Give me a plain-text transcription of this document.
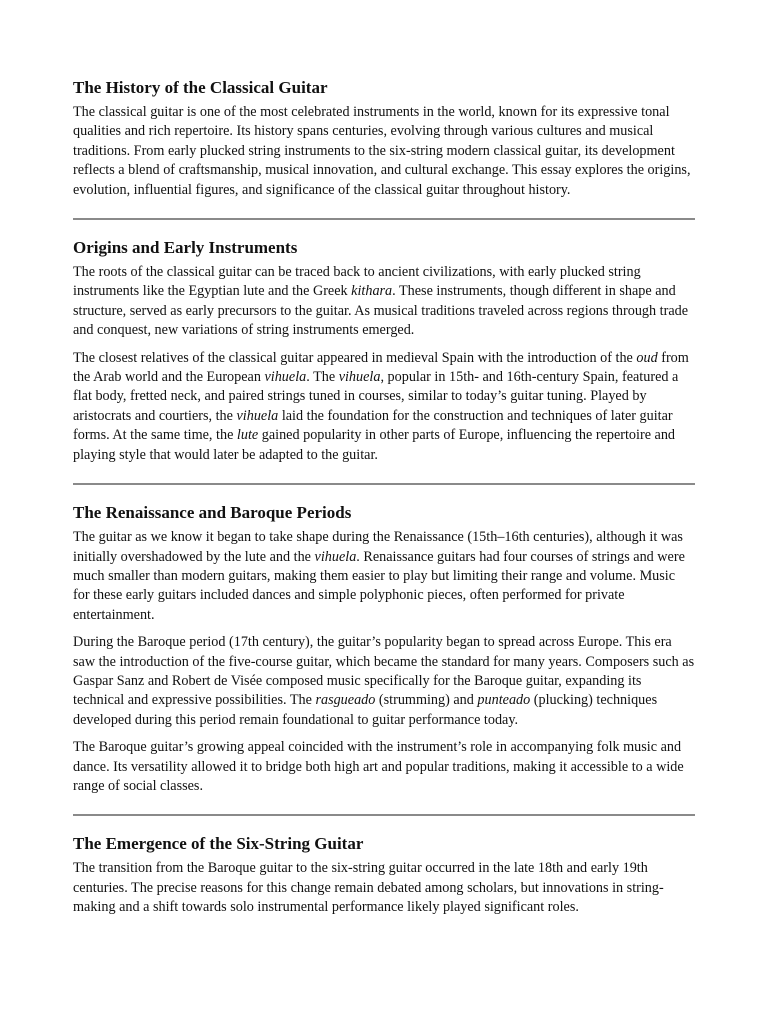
The History of the Classical Guitar

The classical guitar is one of the most celebrated instruments in the world, known for its expressive tonal qualities and rich repertoire. Its history spans centuries, evolving through various cultures and musical traditions. From early plucked string instruments to the six-string modern classical guitar, its development reflects a blend of craftsmanship, musical innovation, and cultural exchange. This essay explores the origins, evolution, influential figures, and significance of the classical guitar throughout history.

Origins and Early Instruments

The roots of the classical guitar can be traced back to ancient civilizations, with early plucked string instruments like the Egyptian lute and the Greek kithara. These instruments, though different in shape and structure, served as early precursors to the guitar. As musical traditions traveled across regions through trade and conquest, new variations of string instruments emerged.

The closest relatives of the classical guitar appeared in medieval Spain with the introduction of the oud from the Arab world and the European vihuela. The vihuela, popular in 15th- and 16th-century Spain, featured a flat body, fretted neck, and paired strings tuned in courses, similar to today’s guitar tuning. Played by aristocrats and courtiers, the vihuela laid the foundation for the construction and techniques of later guitar forms. At the same time, the lute gained popularity in other parts of Europe, influencing the repertoire and playing style that would later be adapted to the guitar.

The Renaissance and Baroque Periods

The guitar as we know it began to take shape during the Renaissance (15th–16th centuries), although it was initially overshadowed by the lute and the vihuela. Renaissance guitars had four courses of strings and were much smaller than modern guitars, making them easier to play but limiting their range and volume. Music for these early guitars included dances and simple polyphonic pieces, often performed for private entertainment.

During the Baroque period (17th century), the guitar’s popularity began to spread across Europe. This era saw the introduction of the five-course guitar, which became the standard for many years. Composers such as Gaspar Sanz and Robert de Visée composed music specifically for the Baroque guitar, expanding its technical and expressive possibilities. The rasgueado (strumming) and punteado (plucking) techniques developed during this period remain foundational to guitar performance today.

The Baroque guitar’s growing appeal coincided with the instrument’s role in accompanying folk music and dance. Its versatility allowed it to bridge both high art and popular traditions, making it accessible to a wide range of social classes.

The Emergence of the Six-String Guitar

The transition from the Baroque guitar to the six-string guitar occurred in the late 18th and early 19th centuries. The precise reasons for this change remain debated among scholars, but innovations in string-making and a shift towards solo instrumental performance likely played significant roles.
